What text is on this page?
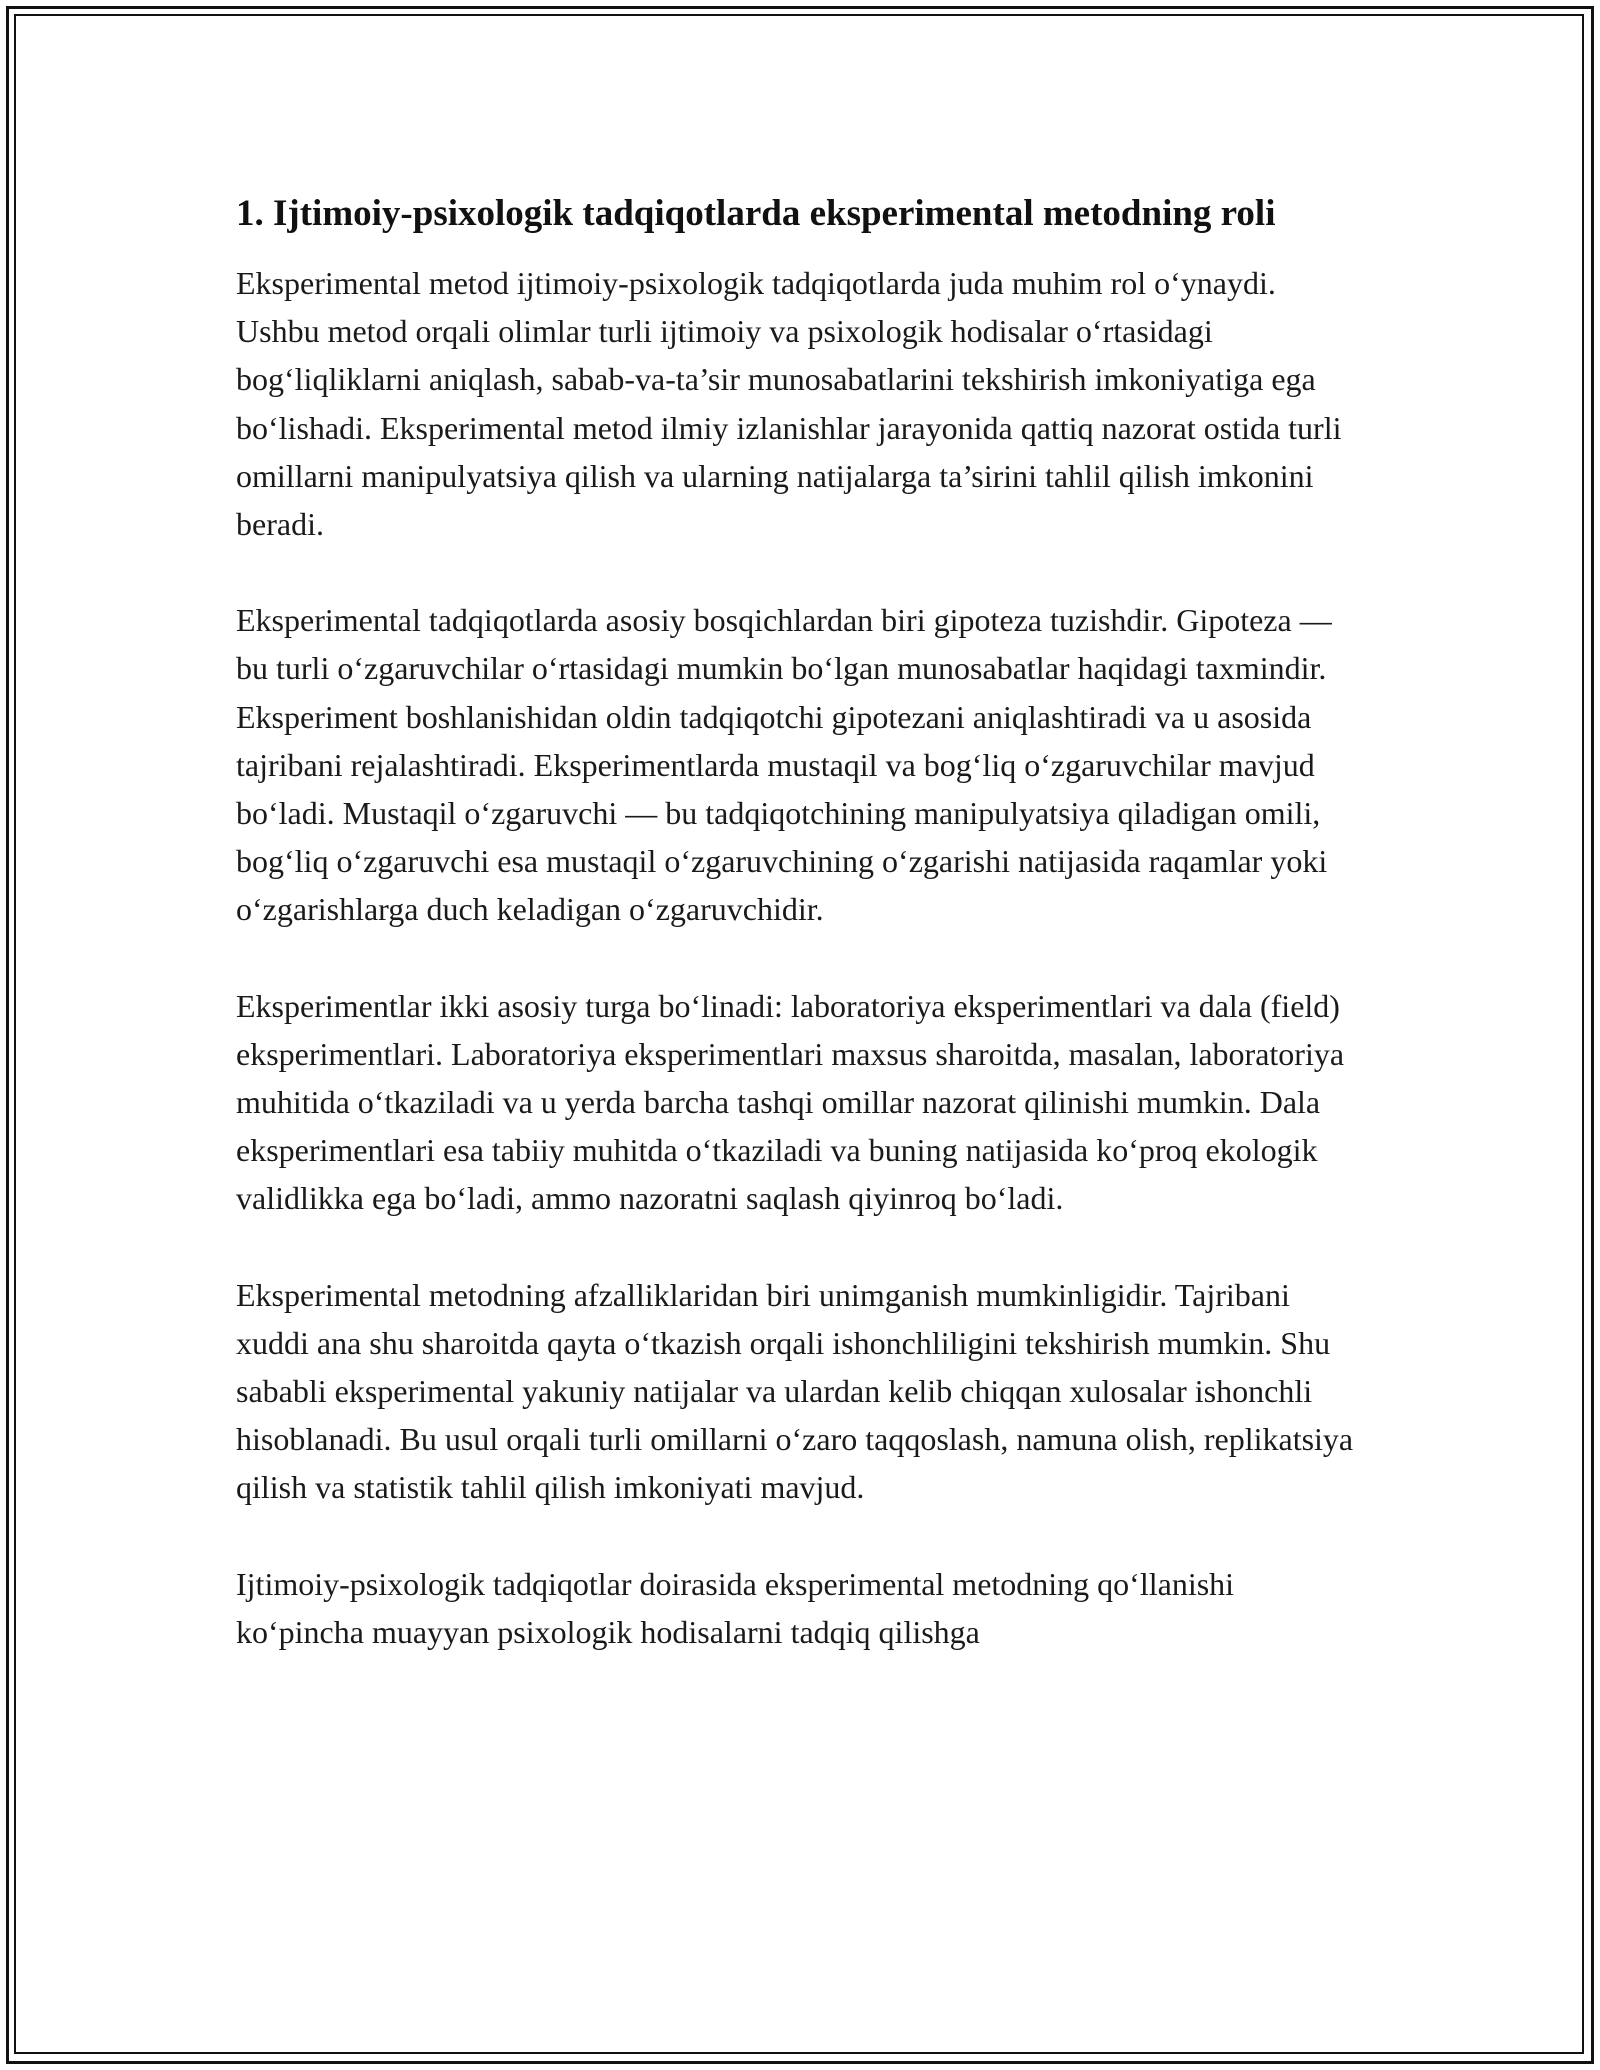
1. Ijtimoiy-psixologik tadqiqotlarda eksperimental metodning roli

Eksperimental metod ijtimoiy-psixologik tadqiqotlarda juda muhim rol o‘ynaydi. Ushbu metod orqali olimlar turli ijtimoiy va psixologik hodisalar o‘rtasidagi bog‘liqliklarni aniqlash, sabab-va-ta’sir munosabatlarini tekshirish imkoniyatiga ega bo‘lishadi. Eksperimental metod ilmiy izlanishlar jarayonida qattiq nazorat ostida turli omillarni manipulyatsiya qilish va ularning natijalarga ta’sirini tahlil qilish imkonini beradi.

Eksperimental tadqiqotlarda asosiy bosqichlardan biri gipoteza tuzishdir. Gipoteza — bu turli o‘zgaruvchilar o‘rtasidagi mumkin bo‘lgan munosabatlar haqidagi taxmindir. Eksperiment boshlanishidan oldin tadqiqotchi gipotezani aniqlashtiradi va u asosida tajribani rejalashtiradi. Eksperimentlarda mustaqil va bog‘liq o‘zgaruvchilar mavjud bo‘ladi. Mustaqil o‘zgaruvchi — bu tadqiqotchining manipulyatsiya qiladigan omili, bog‘liq o‘zgaruvchi esa mustaqil o‘zgaruvchining o‘zgarishi natijasida raqamlar yoki o‘zgarishlarga duch keladigan o‘zgaruvchidir.

Eksperimentlar ikki asosiy turga bo‘linadi: laboratoriya eksperimentlari va dala (field) eksperimentlari. Laboratoriya eksperimentlari maxsus sharoitda, masalan, laboratoriya muhitida o‘tkaziladi va u yerda barcha tashqi omillar nazorat qilinishi mumkin. Dala eksperimentlari esa tabiiy muhitda o‘tkaziladi va buning natijasida ko‘proq ekologik validlikka ega bo‘ladi, ammo nazoratni saqlash qiyinroq bo‘ladi.

Eksperimental metodning afzalliklaridan biri unimganish mumkinligidir. Tajribani xuddi ana shu sharoitda qayta o‘tkazish orqali ishonchliligini tekshirish mumkin. Shu sababli eksperimental yakuniy natijalar va ulardan kelib chiqqan xulosalar ishonchli hisoblanadi. Bu usul orqali turli omillarni o‘zaro taqqoslash, namuna olish, replikatsiya qilish va statistik tahlil qilish imkoniyati mavjud.

Ijtimoiy-psixologik tadqiqotlar doirasida eksperimental metodning qo‘llanishi ko‘pincha muayyan psixologik hodisalarni tadqiq qilishga
